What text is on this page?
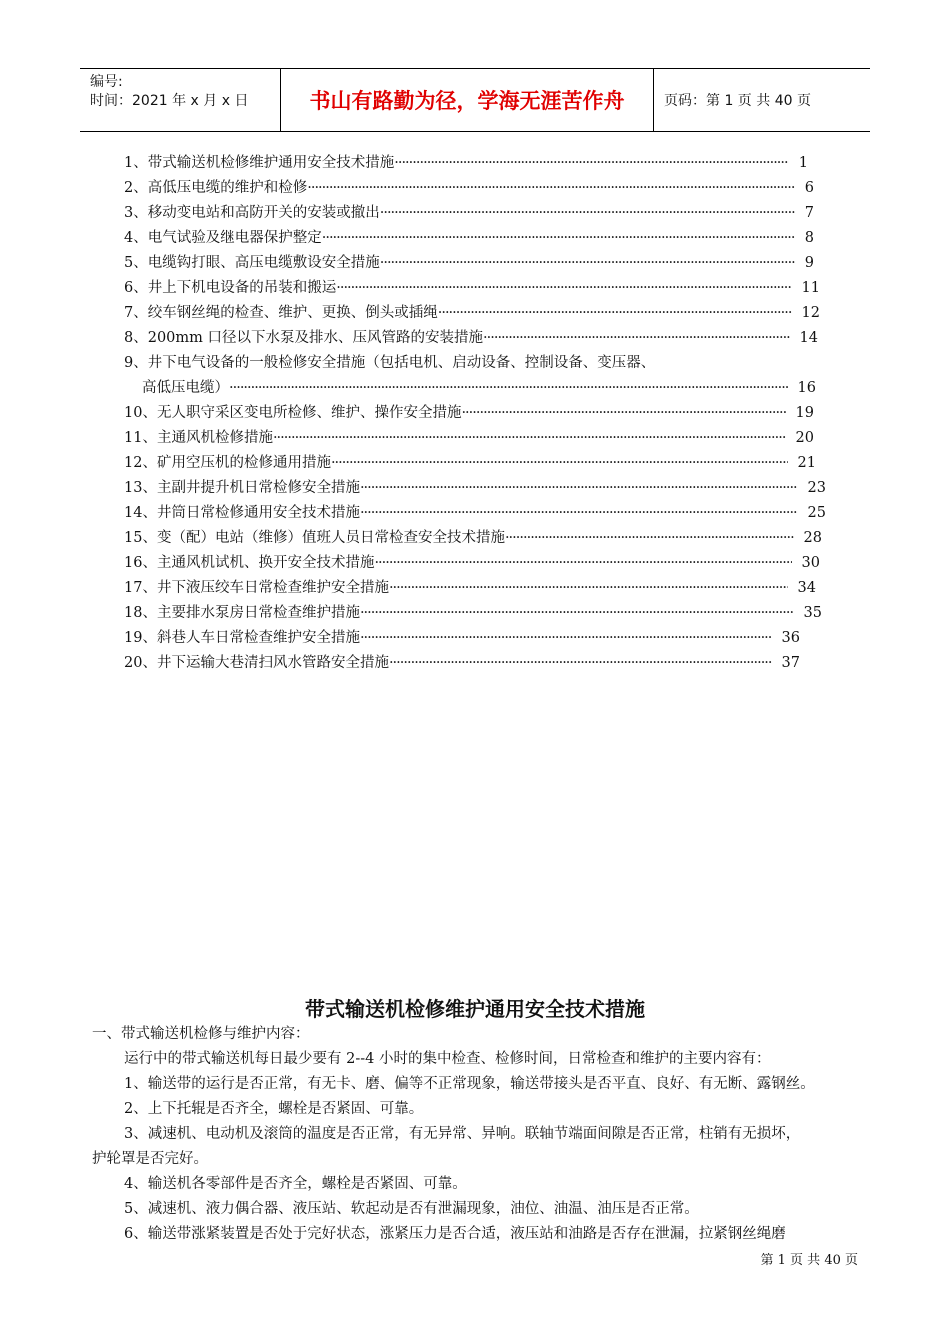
编号:
时间：2021 年 x 月 x 日	书山有路勤为径，学海无涯苦作舟	页码：第 1 页 共 40 页
1、带式输送机检修维护通用安全技术措施 ·····	1
2、高低压电缆的维护和检修 ·····	6
3、移动变电站和高防开关的安装或撤出 ·····	7
4、电气试验及继电器保护整定 ·····	8
5、电缆钩打眼、高压电缆敷设安全措施 ·····	9
6、井上下机电设备的吊装和搬运 ·····	11
7、绞车钢丝绳的检查、维护、更换、倒头或插绳 ·····	12
8、200mm 口径以下水泵及排水、压风管路的安装措施 ·····	14
9、井下电气设备的一般检修安全措施（包括电机、启动设备、控制设备、变压器、
高低压电缆） ·····	16
10、无人职守采区变电所检修、维护、操作安全措施 ·····	19
11、主通风机检修措施 ·····	20
12、矿用空压机的检修通用措施 ·····	21
13、主副井提升机日常检修安全措施 ·····	23
14、井筒日常检修通用安全技术措施 ·····	25
15、变（配）电站（维修）值班人员日常检查安全技术措施 ·····	28
16、主通风机试机、换开安全技术措施 ·····	30
17、井下液压绞车日常检查维护安全措施 ·····	34
18、主要排水泵房日常检查维护措施 ·····	35
19、斜巷人车日常检查维护安全措施 ·····	36
20、井下运输大巷清扫风水管路安全措施 ·····	37
带式输送机检修维护通用安全技术措施
一、带式输送机检修与维护内容：
运行中的带式输送机每日最少要有 2--4 小时的集中检查、检修时间，日常检查和维护的主要内容有：
1、输送带的运行是否正常，有无卡、磨、偏等不正常现象，输送带接头是否平直、良好、有无断、露钢丝。
2、上下托辊是否齐全，螺栓是否紧固、可靠。
3、减速机、电动机及滚筒的温度是否正常，有无异常、异响。联轴节端面间隙是否正常，柱销有无损坏，
护轮罩是否完好。
4、输送机各零部件是否齐全，螺栓是否紧固、可靠。
5、减速机、液力偶合器、液压站、软起动是否有泄漏现象，油位、油温、油压是否正常。
6、输送带涨紧装置是否处于完好状态，涨紧压力是否合适，液压站和油路是否存在泄漏，拉紧钢丝绳磨
第 1 页 共 40 页
